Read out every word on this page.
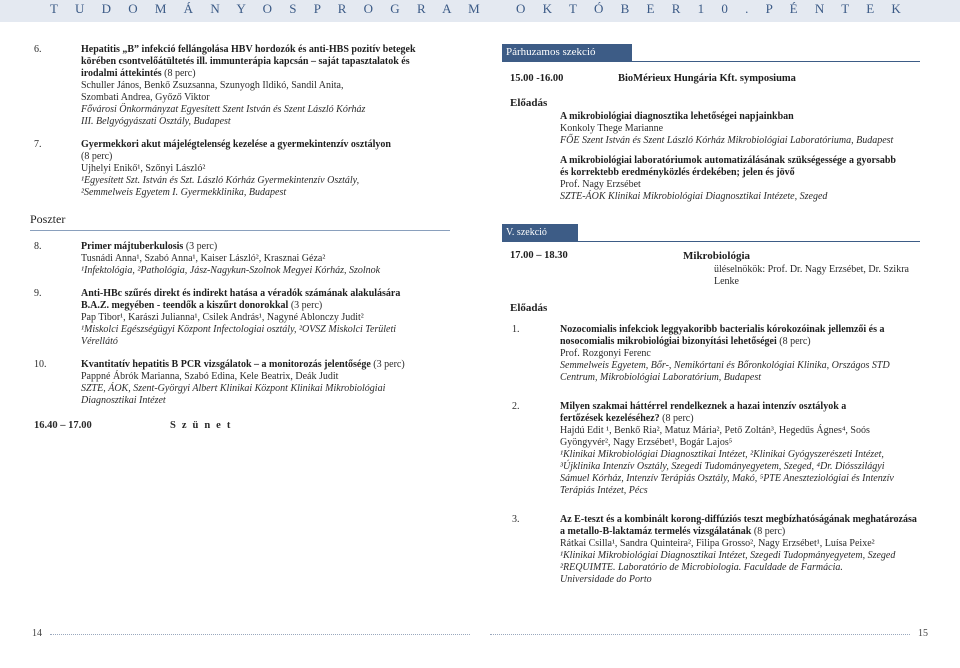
T U D O M Á N Y O S P R O G R A M O K T Ó B E R 1 0 . P É N T E K
6.	Hepatitis „B” infekció fellángolása HBV hordozók és anti-HBS pozitív betegek
körében csontvelőátültetés ill. immunterápia kapcsán – saját tapasztalatok és
irodalmi áttekintés (8 perc)
Schuller János, Benkő Zsuzsanna, Szunyogh Ildikó, Sandil Anita,
Szombati Andrea, Győző Viktor
Fővárosi Önkormányzat Egyesített Szent István és Szent László Kórház
III. Belgyógyászati Osztály, Budapest
7.	Gyermekkori akut májelégtelenség kezelése a gyermekintenzív osztályon
(8 perc)
Ujhelyi Enikő¹, Szőnyi László²
¹Egyesített Szt. István és Szt. László Kórház Gyermekintenzív Osztály,
²Semmelweis Egyetem I. Gyermekklinika, Budapest
Poszter
8.	Primer májtuberkulosis (3 perc)
Tusnádi Anna¹, Szabó Anna¹, Kaiser László², Krasznai Géza²
¹Infektológia, ²Pathológia, Jász-Nagykun-Szolnok Megyei Kórház, Szolnok
9.	Anti-HBc szűrés direkt és indirekt hatása a véradók számának alakulására
B.A.Z. megyében - teendők a kiszűrt donorokkal (3 perc)
Pap Tibor¹, Karászi Julianna¹, Csilek András¹, Nagyné Ablonczy Judit²
¹Miskolci Egészségügyi Központ Infectologiai osztály, ²OVSZ Miskolci Területi
Vérellátó
10.	Kvantitatív hepatitis B PCR vizsgálatok – a monitorozás jelentősége (3 perc)
Pappné Ábrók Marianna, Szabó Edina, Kele Beatrix, Deák Judit
SZTE, ÁOK, Szent-Györgyi Albert Klinikai Központ Klinikai Mikrobiológiai
Diagnosztikai Intézet
16.40 – 17.00	Szünet
Párhuzamos szekció
15.00 -16.00	BioMérieux Hungária Kft. symposiuma
Előadás
A mikrobiológiai diagnosztika lehetőségei napjainkban
Konkoly Thege Marianne
FŐE Szent István és Szent László Kórház Mikrobiológiai Laboratóriuma, Budapest
A mikrobiológiai laboratóriumok automatizálásának szükségessége a gyorsabb
és korrektebb eredményközlés érdekében; jelen és jövő
Prof. Nagy Erzsébet
SZTE-ÁOK Klinikai Mikrobiológiai Diagnosztikai Intézete, Szeged
V. szekció
17.00 – 18.30	Mikrobiológia
üléselnökök: Prof. Dr. Nagy Erzsébet, Dr. Szikra Lenke
Előadás
1.	Nozocomialis infekciok leggyakoribb bacterialis kórokozóinak jellemzői és a
nosocomialis mikrobiológiai bizonyítási lehetőségei (8 perc)
Prof. Rozgonyi Ferenc
Semmelweis Egyetem, Bőr-, Nemikórtani és Bőronkológiai Klinika, Országos STD
Centrum, Mikrobiológiai Laboratórium, Budapest
2.	Milyen szakmai háttérrel rendelkeznek a hazai intenzív osztályok a
fertőzések kezeléséhez? (8 perc)
Hajdú Edit ¹, Benkő Ria², Matuz Mária², Pető Zoltán³, Hegedűs Ágnes⁴, Soós
Gyöngyvér², Nagy Erzsébet¹, Bogár Lajos⁵
¹Klinikai Mikrobiológiai Diagnosztikai Intézet, ²Klinikai Gyógyszerészeti Intézet,
³Újklinika Intenzív Osztály, Szegedi Tudományegyetem, Szeged, ⁴Dr. Diósszilágyi
Sámuel Kórház, Intenzív Terápiás Osztály, Makó, ⁵PTE Aneszteziológiai és Intenzív
Terápiás Intézet, Pécs
3.	Az E-teszt és a kombinált korong-diffúziós teszt megbízhatóságának meghatározása
a metallo-B-laktamáz termelés vizsgálatának (8 perc)
Rátkai Csilla¹, Sandra Quinteira², Filipa Grosso², Nagy Erzsébet¹, Luísa Peixe²
¹Klinikai Mikrobiológiai Diagnosztikai Intézet, Szegedi Tudopmányegyetem, Szeged
²REQUIMTE. Laboratório de Microbiologia. Faculdade de Farmácia.
Universidade do Porto
14	15
